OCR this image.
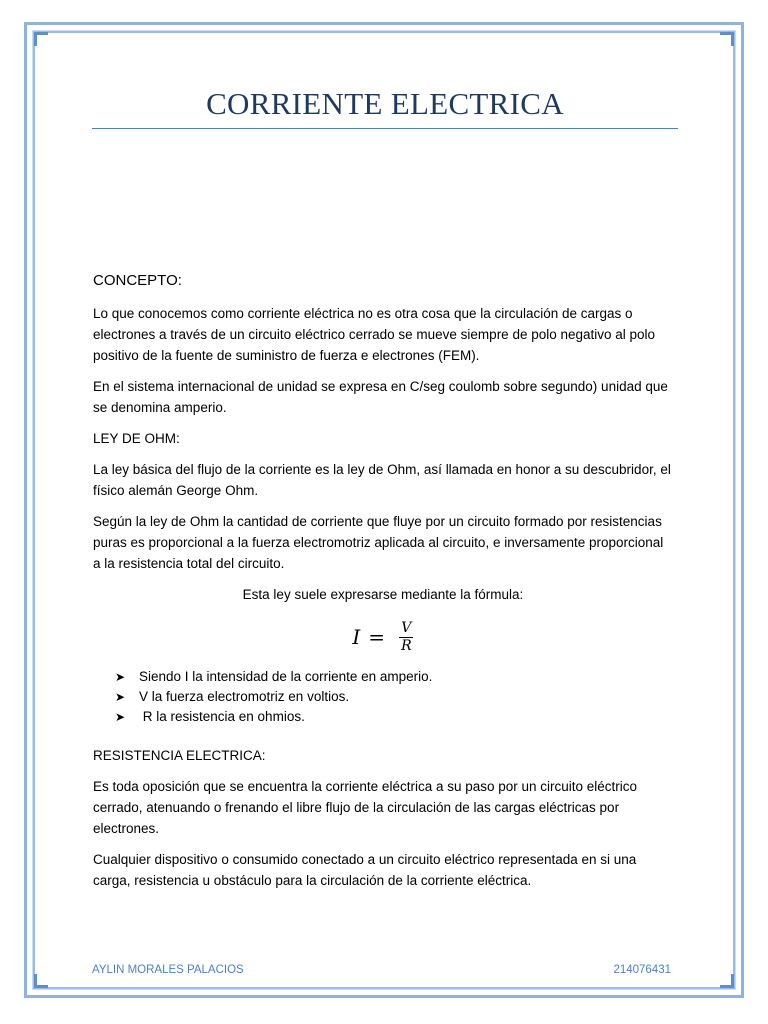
CORRIENTE ELECTRICA
CONCEPTO:

Lo que conocemos como corriente eléctrica no es otra cosa que la circulación de cargas o electrones a través de un circuito eléctrico cerrado se mueve siempre de polo negativo al polo positivo de la fuente de suministro de fuerza e electrones (FEM).

En el sistema internacional de unidad se expresa en C/seg coulomb sobre segundo) unidad que se denomina amperio.

LEY DE OHM:

La ley básica del flujo de la corriente es la ley de Ohm, así llamada en honor a su descubridor, el físico alemán George Ohm.

Según la ley de Ohm la cantidad de corriente que fluye por un circuito formado por resistencias puras es proporcional a la fuerza electromotriz aplicada al circuito, e inversamente proporcional a la resistencia total del circuito.

Esta ley suele expresarse mediante la fórmula:

$I = \frac{V}{R}$
➤	Siendo I la intensidad de la corriente en amperio.
➤	V la fuerza electromotriz en voltios.
➤	R la resistencia en ohmios.
RESISTENCIA ELECTRICA:

Es toda oposición que se encuentra la corriente eléctrica a su paso por un circuito eléctrico cerrado, atenuando o frenando el libre flujo de la circulación de las cargas eléctricas por electrones.

Cualquier dispositivo o consumido conectado a un circuito eléctrico representada en si una carga, resistencia u obstáculo para la circulación de la corriente eléctrica.

AYLIN MORALES PALACIOS	214076431
